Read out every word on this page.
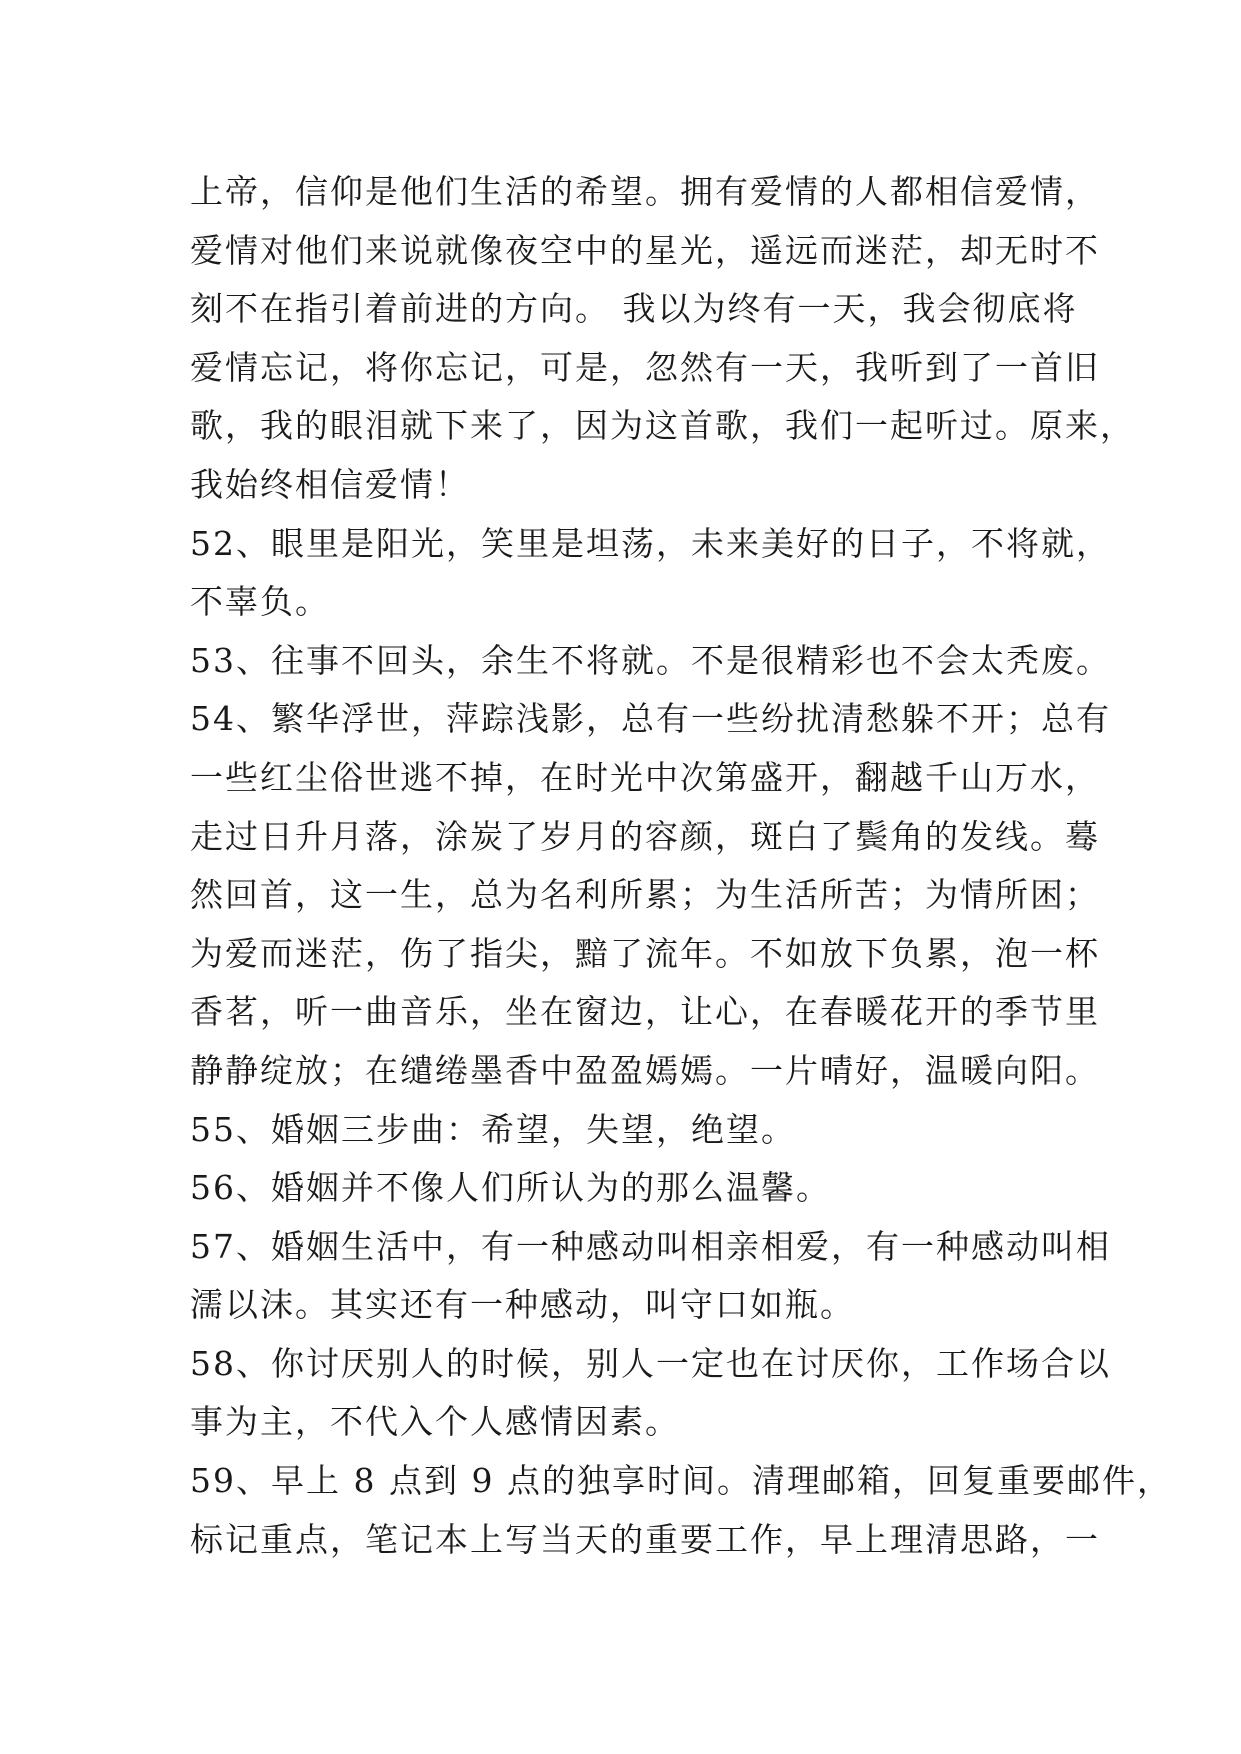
上帝，信仰是他们生活的希望。拥有爱情的人都相信爱情，
爱情对他们来说就像夜空中的星光，遥远而迷茫，却无时不
刻不在指引着前进的方向。 我以为终有一天，我会彻底将
爱情忘记，将你忘记，可是，忽然有一天，我听到了一首旧
歌，我的眼泪就下来了，因为这首歌，我们一起听过。原来，
我始终相信爱情！
52、眼里是阳光，笑里是坦荡，未来美好的日子，不将就，
不辜负。
53、往事不回头，余生不将就。不是很精彩也不会太秃废。
54、繁华浮世，萍踪浅影，总有一些纷扰清愁躲不开；总有
一些红尘俗世逃不掉，在时光中次第盛开，翻越千山万水，
走过日升月落，涂炭了岁月的容颜，斑白了鬓角的发线。蓦
然回首，这一生，总为名利所累；为生活所苦；为情所困；
为爱而迷茫，伤了指尖，黯了流年。不如放下负累，泡一杯
香茗，听一曲音乐，坐在窗边，让心，在春暖花开的季节里
静静绽放；在缱绻墨香中盈盈嫣嫣。一片晴好，温暖向阳。
55、婚姻三步曲：希望，失望，绝望。
56、婚姻并不像人们所认为的那么温馨。
57、婚姻生活中，有一种感动叫相亲相爱，有一种感动叫相
濡以沫。其实还有一种感动，叫守口如瓶。
58、你讨厌别人的时候，别人一定也在讨厌你，工作场合以
事为主，不代入个人感情因素。
59、早上 8 点到 9 点的独享时间。清理邮箱，回复重要邮件，
标记重点，笔记本上写当天的重要工作，早上理清思路，一
